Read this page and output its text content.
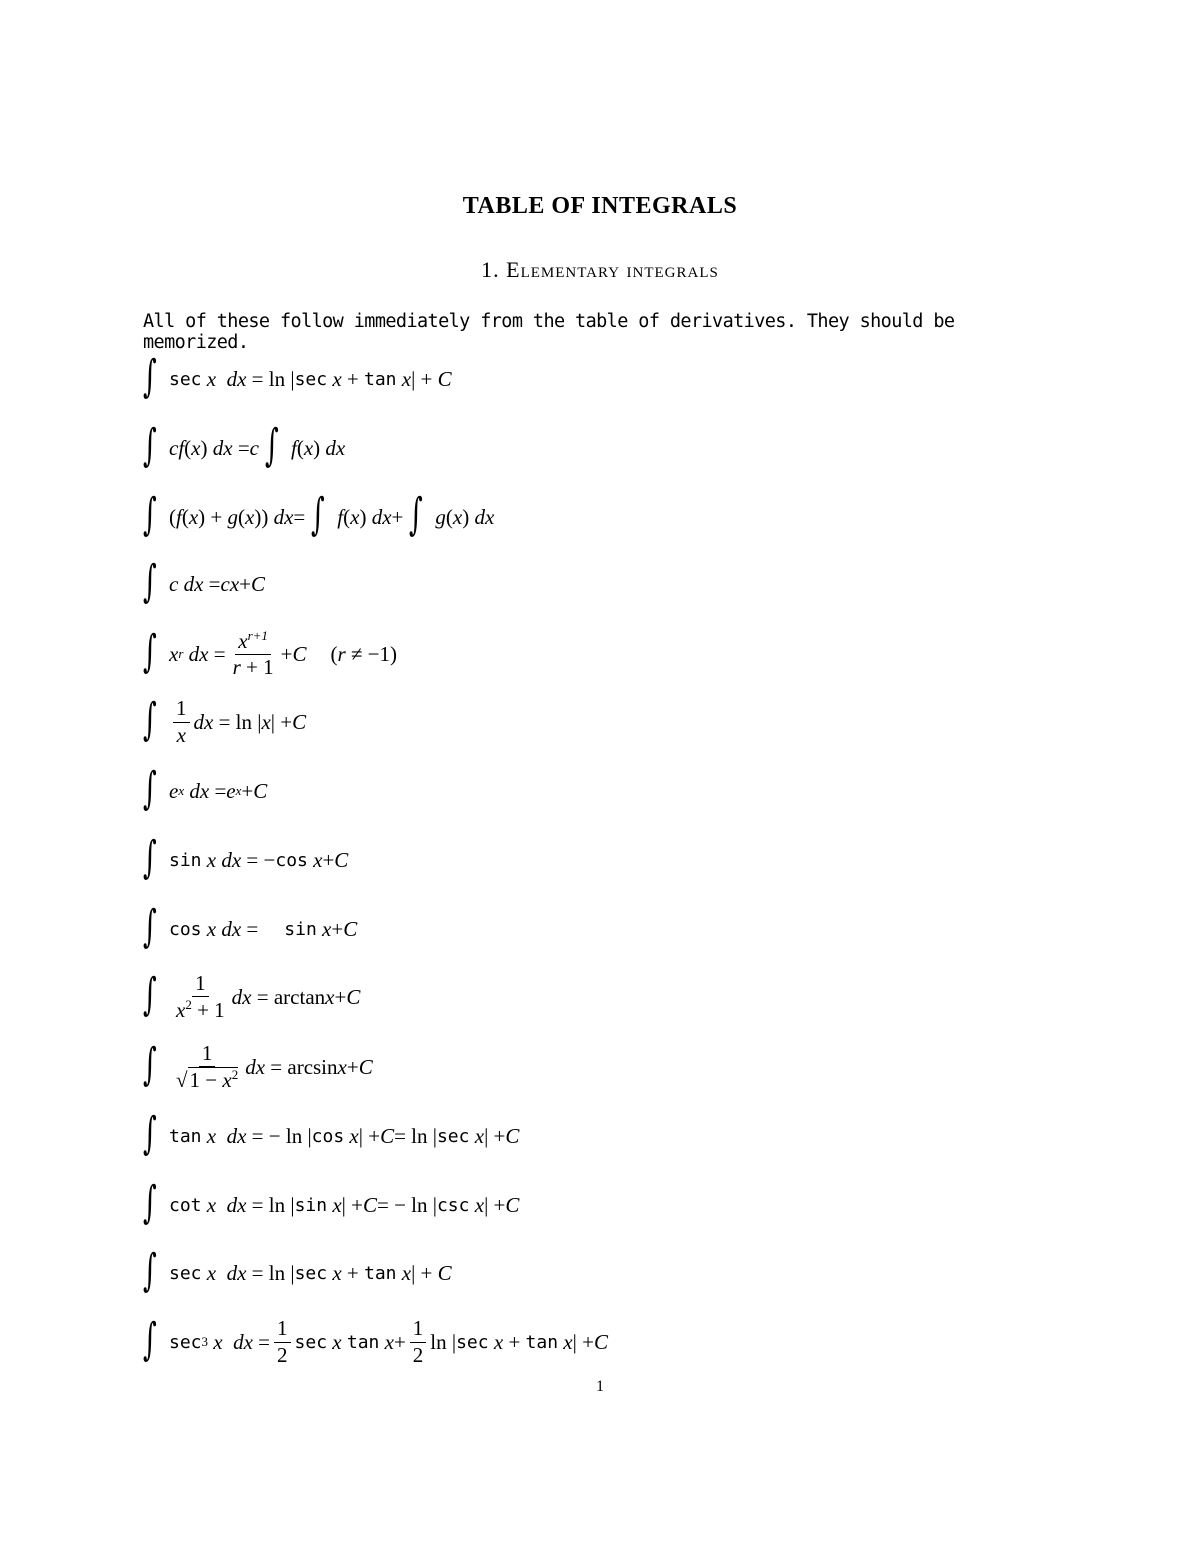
TABLE OF INTEGRALS
1. Elementary integrals
All of these follow immediately from the table of derivatives. They should be memorized.
∫ sec
x
dx
= ln | sec
x
+
tan
x | +
C
∫ cf ( x )
dx
= c ∫ f ( x )
dx
∫ ( f ( x ) +
g ( x ))
dx = ∫ f ( x )
dx + ∫ g ( x )
dx
∫ c dx
= cx + C
∫ x r
dx
= $\frac{x^{r+1}}{r + 1} + C$ ( r
≠ −1)
∫ $\frac{1}{x}$ dx
= ln | x | + C
∫ e x
dx
= e x + C
∫ sin
x
dx
= − cos
x + C
∫ cos
x
dx
= sin
x + C
∫ $\frac{1}{x^2 + 1}$ dx
= arctan x + C
∫ $\frac{1}{√1 - x^2}$ dx
= arcsin x + C
∫ tan
x
dx
= − ln | cos
x | + C = ln | sec
x | + C
∫ cot
x
dx
= ln | sin
x | + C = − ln | csc
x | + C
∫ sec
x
dx
= ln | sec
x
+
tan
x | +
C
∫ sec 3
x
dx
= $\frac{1}{2}$ sec
x
tan
$x + \frac{1}{2}$ ln | sec
x
+
tan
x | + C
1
